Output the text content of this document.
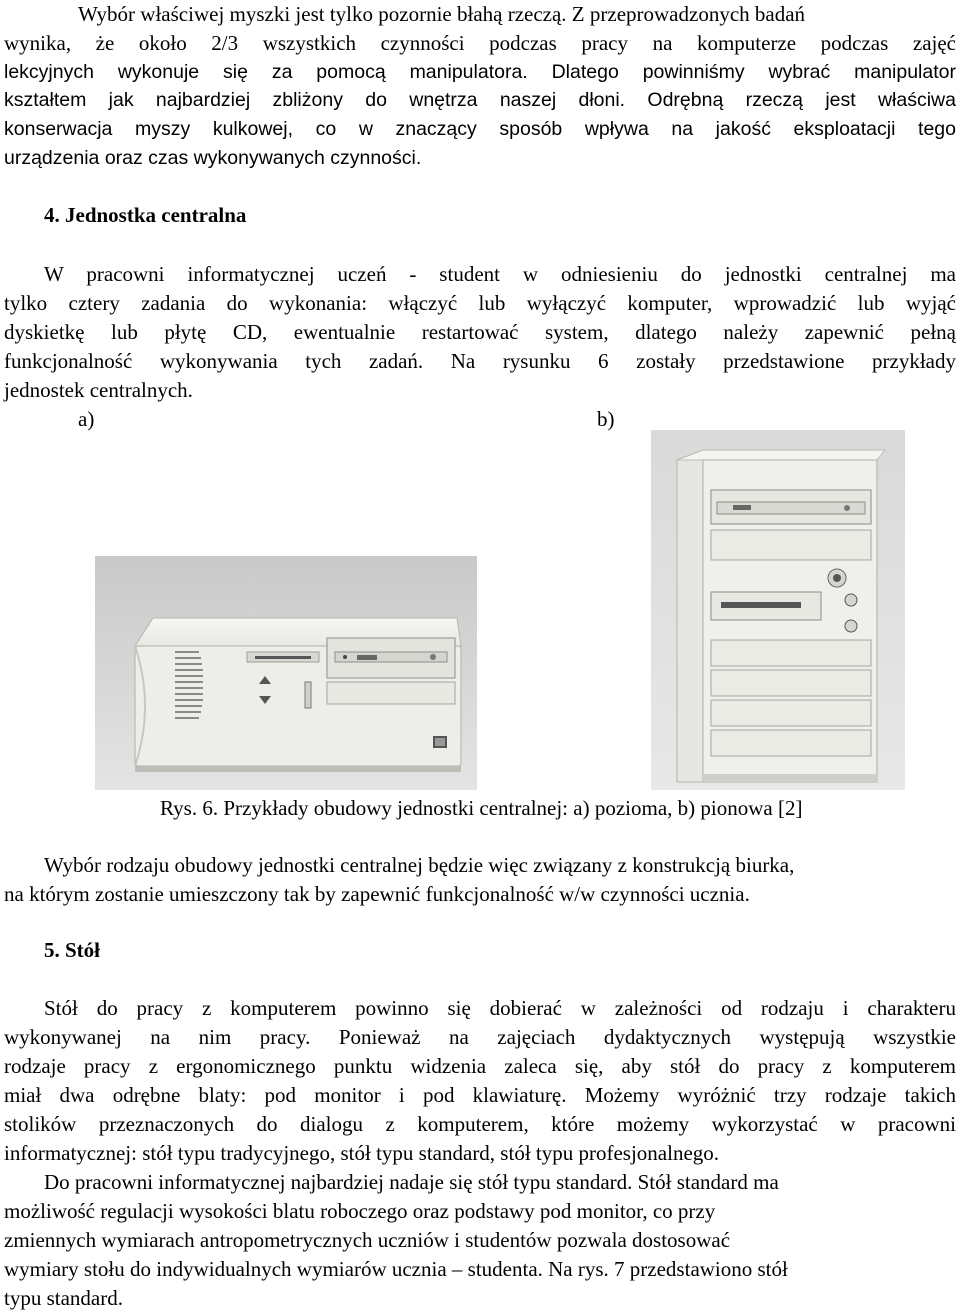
Wybór właściwej myszki jest tylko pozornie błahą rzeczą. Z przeprowadzonych badań
wynika, że około 2/3 wszystkich czynności podczas pracy na komputerze podczas zajęć
lekcyjnych wykonuje się za pomocą manipulatora. Dlatego powinniśmy wybrać manipulator
kształtem jak najbardziej zbliżony do wnętrza naszej dłoni. Odrębną rzeczą jest właściwa
konserwacja myszy kulkowej, co w znaczący sposób wpływa na jakość eksploatacji tego
urządzenia oraz czas wykonywanych czynności.
4. Jednostka centralna
W pracowni informatycznej uczeń - student w odniesieniu do jednostki centralnej ma
tylko cztery zadania do wykonania: włączyć lub wyłączyć komputer, wprowadzić lub wyjąć
dyskietkę lub płytę CD, ewentualnie restartować system, dlatego należy zapewnić pełną
funkcjonalność wykonywania tych zadań. Na rysunku 6 zostały przedstawione przykłady
jednostek centralnych.
a)	b)
Rys. 6. Przykłady obudowy jednostki centralnej: a) pozioma, b) pionowa [2]
Wybór rodzaju obudowy jednostki centralnej będzie więc związany z konstrukcją biurka,
na którym zostanie umieszczony tak by zapewnić funkcjonalność w/w czynności ucznia.
5. Stół
Stół do pracy z komputerem powinno się dobierać w zależności od rodzaju i charakteru
wykonywanej na nim pracy. Ponieważ na zajęciach dydaktycznych występują wszystkie
rodzaje pracy z ergonomicznego punktu widzenia zaleca się, aby stół do pracy z komputerem
miał dwa odrębne blaty: pod monitor i pod klawiaturę. Możemy wyróżnić trzy rodzaje takich
stolików przeznaczonych do dialogu z komputerem, które możemy wykorzystać w pracowni
informatycznej: stół typu tradycyjnego, stół typu standard, stół typu profesjonalnego.
Do pracowni informatycznej najbardziej nadaje się stół typu standard. Stół standard ma
możliwość regulacji wysokości blatu roboczego oraz podstawy pod monitor, co przy
zmiennych wymiarach antropometrycznych uczniów i studentów pozwala dostosować
wymiary stołu do indywidualnych wymiarów ucznia – studenta. Na rys. 7 przedstawiono stół
typu standard.
